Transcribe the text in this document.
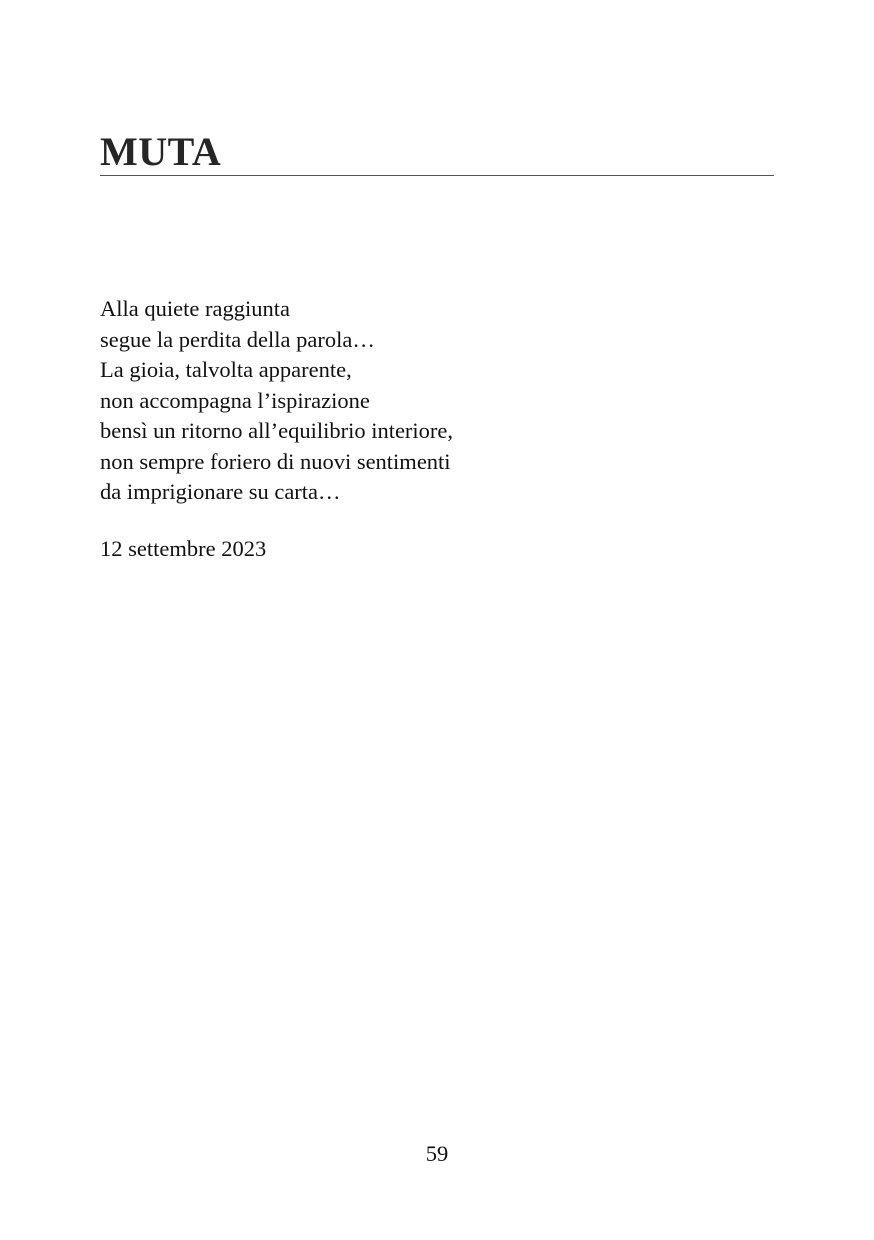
MUTA
Alla quiete raggiunta
segue la perdita della parola…
La gioia, talvolta apparente,
non accompagna l’ispirazione
bensì un ritorno all’equilibrio interiore,
non sempre foriero di nuovi sentimenti
da imprigionare su carta…
12 settembre 2023
59
